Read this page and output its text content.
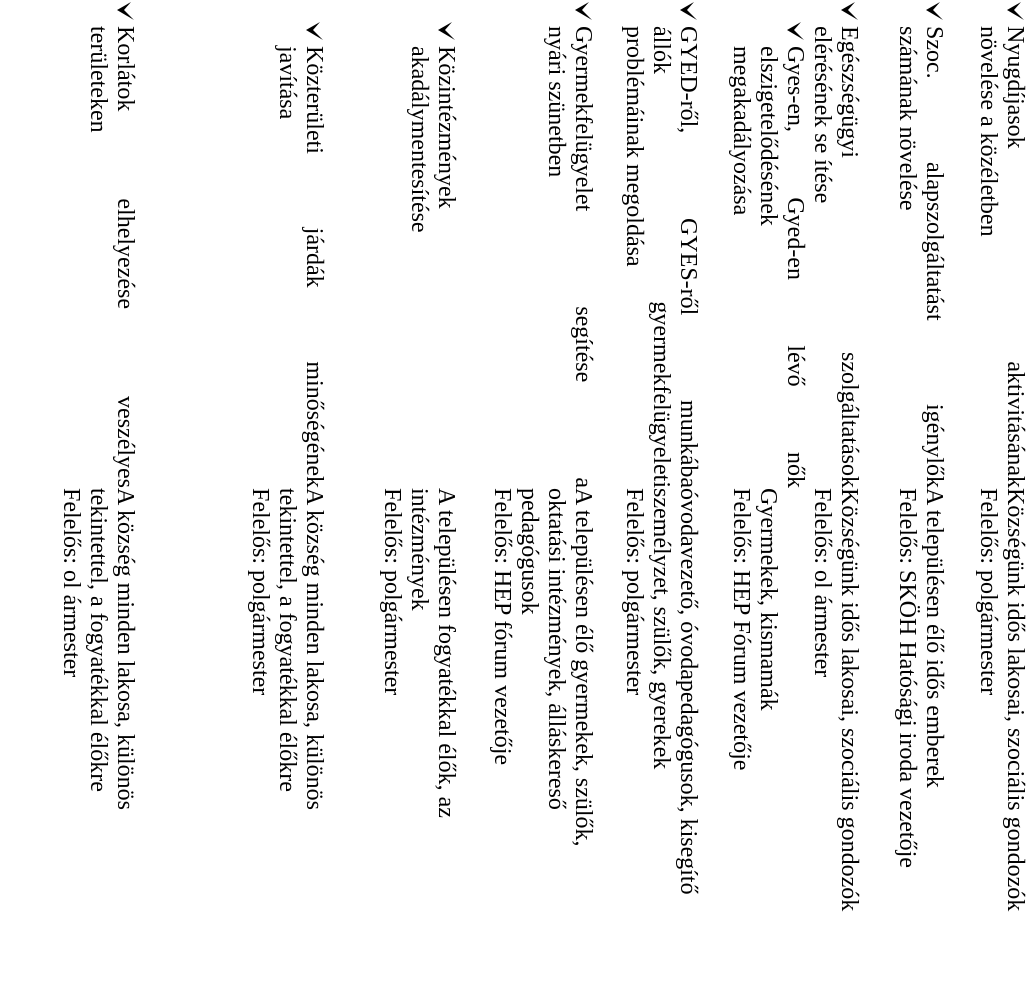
Nyugdíjasok aktivitásának
növelése a közéletben
Községünk idős lakosai, szociális gondozók
Felelős: polgármester
Szoc. alapszolgáltatást igénylők
számának növelése
A településen élő idős emberek
Felelős: SKÖH Hatósági iroda vezetője
Egészségügyi szolgáltatások
elérésének se ítése
Községünk idős lakosai, szociális gondozók
Felelős: ol ármester
Gyes-en, Gyed-en lévő nők
elszigetelődésének
megakadályozása
Gyermekek, kismamák
Felelős: HEP Fórum vezetője
GYED-ről, GYES-ről munkába
állók gyermekfelügyeleti
problémáinak megoldása
óvodavezető, óvodapedagógusok, kisegítő
személyzet, szülők, gyerekek
Felelős: polgármester
Gyermekfelügyelet segítése a
nyári szünetben
A településen élő gyermekek, szülők,
oktatási intézmények, álláskereső
pedagógusok
Felelős: HEP fórum vezetője
Közintézmények
akadálymentesítése
A településen fogyatékkal élők, az
intézmények
Felelős: polgármester
Közterületi járdák minőségének
javítása
A község minden lakosa, különös
tekintettel, a fogyatékkal élőkre
Felelős: polgármester
Korlátok elhelyezése veszélyes
területeken
A község minden lakosa, különös
tekintettel, a fogyatékkal élőkre
Felelős: ol ármester
